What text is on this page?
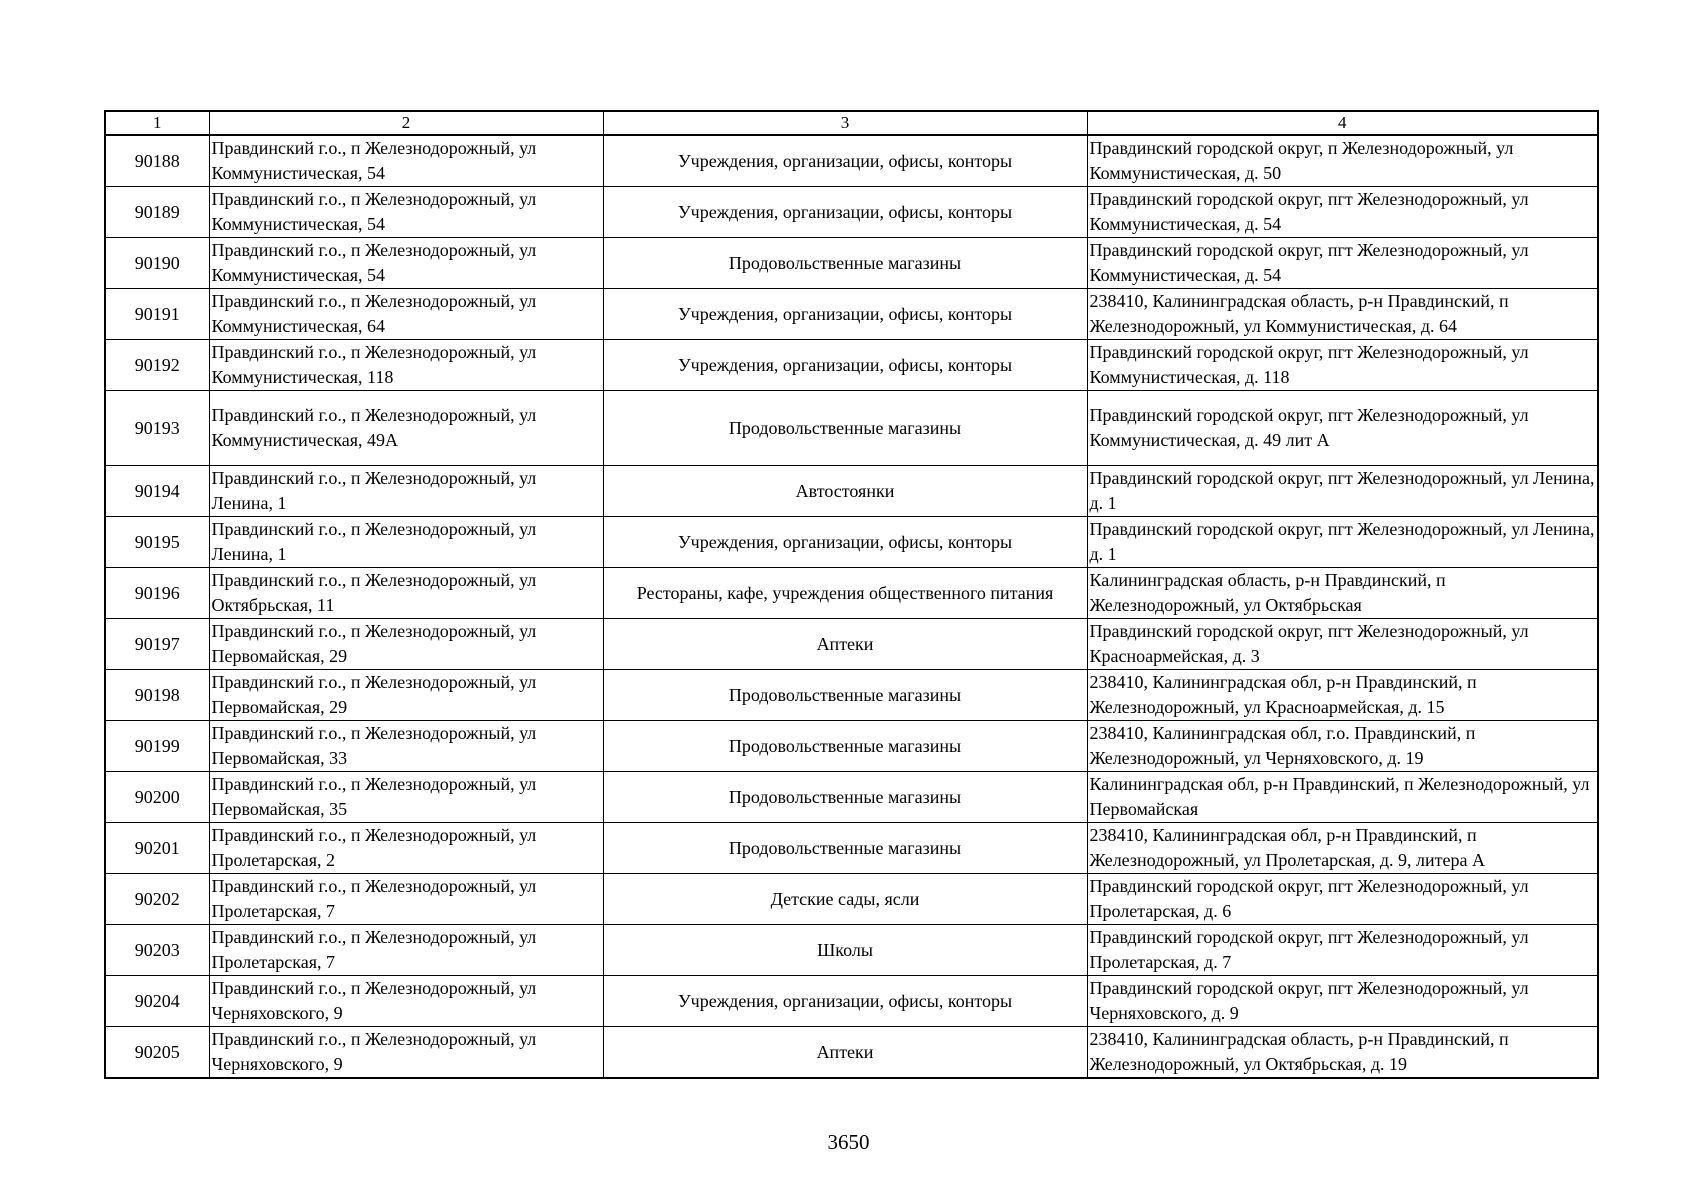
1	2	3	4
90188	Правдинский г.о., п Железнодорожный, ул Коммунистическая, 54	Учреждения, организации, офисы, конторы	Правдинский городской округ, п Железнодорожный, ул Коммунистическая, д. 50
90189	Правдинский г.о., п Железнодорожный, ул Коммунистическая, 54	Учреждения, организации, офисы, конторы	Правдинский городской округ, пгт Железнодорожный, ул Коммунистическая, д. 54
90190	Правдинский г.о., п Железнодорожный, ул Коммунистическая, 54	Продовольственные магазины	Правдинский городской округ, пгт Железнодорожный, ул Коммунистическая, д. 54
90191	Правдинский г.о., п Железнодорожный, ул Коммунистическая, 64	Учреждения, организации, офисы, конторы	238410, Калининградская область, р-н Правдинский, п Железнодорожный, ул Коммунистическая, д. 64
90192	Правдинский г.о., п Железнодорожный, ул Коммунистическая, 118	Учреждения, организации, офисы, конторы	Правдинский городской округ, пгт Железнодорожный, ул Коммунистическая, д. 118
90193	Правдинский г.о., п Железнодорожный, ул Коммунистическая, 49А	Продовольственные магазины	Правдинский городской округ, пгт Железнодорожный, ул Коммунистическая, д. 49 лит А
90194	Правдинский г.о., п Железнодорожный, ул Ленина, 1	Автостоянки	Правдинский городской округ, пгт Железнодорожный, ул Ленина, д. 1
90195	Правдинский г.о., п Железнодорожный, ул Ленина, 1	Учреждения, организации, офисы, конторы	Правдинский городской округ, пгт Железнодорожный, ул Ленина, д. 1
90196	Правдинский г.о., п Железнодорожный, ул Октябрьская, 11	Рестораны, кафе, учреждения общественного питания	Калининградская область, р-н Правдинский, п Железнодорожный, ул Октябрьская
90197	Правдинский г.о., п Железнодорожный, ул Первомайская, 29	Аптеки	Правдинский городской округ, пгт Железнодорожный, ул Красноармейская, д. 3
90198	Правдинский г.о., п Железнодорожный, ул Первомайская, 29	Продовольственные магазины	238410, Калининградская обл, р-н Правдинский, п Железнодорожный, ул Красноармейская, д. 15
90199	Правдинский г.о., п Железнодорожный, ул Первомайская, 33	Продовольственные магазины	238410, Калининградская обл, г.о. Правдинский, п Железнодорожный, ул Черняховского, д. 19
90200	Правдинский г.о., п Железнодорожный, ул Первомайская, 35	Продовольственные магазины	Калининградская обл, р-н Правдинский, п Железнодорожный, ул Первомайская
90201	Правдинский г.о., п Железнодорожный, ул Пролетарская, 2	Продовольственные магазины	238410, Калининградская обл, р-н Правдинский, п Железнодорожный, ул Пролетарская, д. 9, литера А
90202	Правдинский г.о., п Железнодорожный, ул Пролетарская, 7	Детские сады, ясли	Правдинский городской округ, пгт Железнодорожный, ул Пролетарская, д. 6
90203	Правдинский г.о., п Железнодорожный, ул Пролетарская, 7	Школы	Правдинский городской округ, пгт Железнодорожный, ул Пролетарская, д. 7
90204	Правдинский г.о., п Железнодорожный, ул Черняховского, 9	Учреждения, организации, офисы, конторы	Правдинский городской округ, пгт Железнодорожный, ул Черняховского, д. 9
90205	Правдинский г.о., п Железнодорожный, ул Черняховского, 9	Аптеки	238410, Калининградская область, р-н Правдинский, п Железнодорожный, ул Октябрьская, д. 19
3650
